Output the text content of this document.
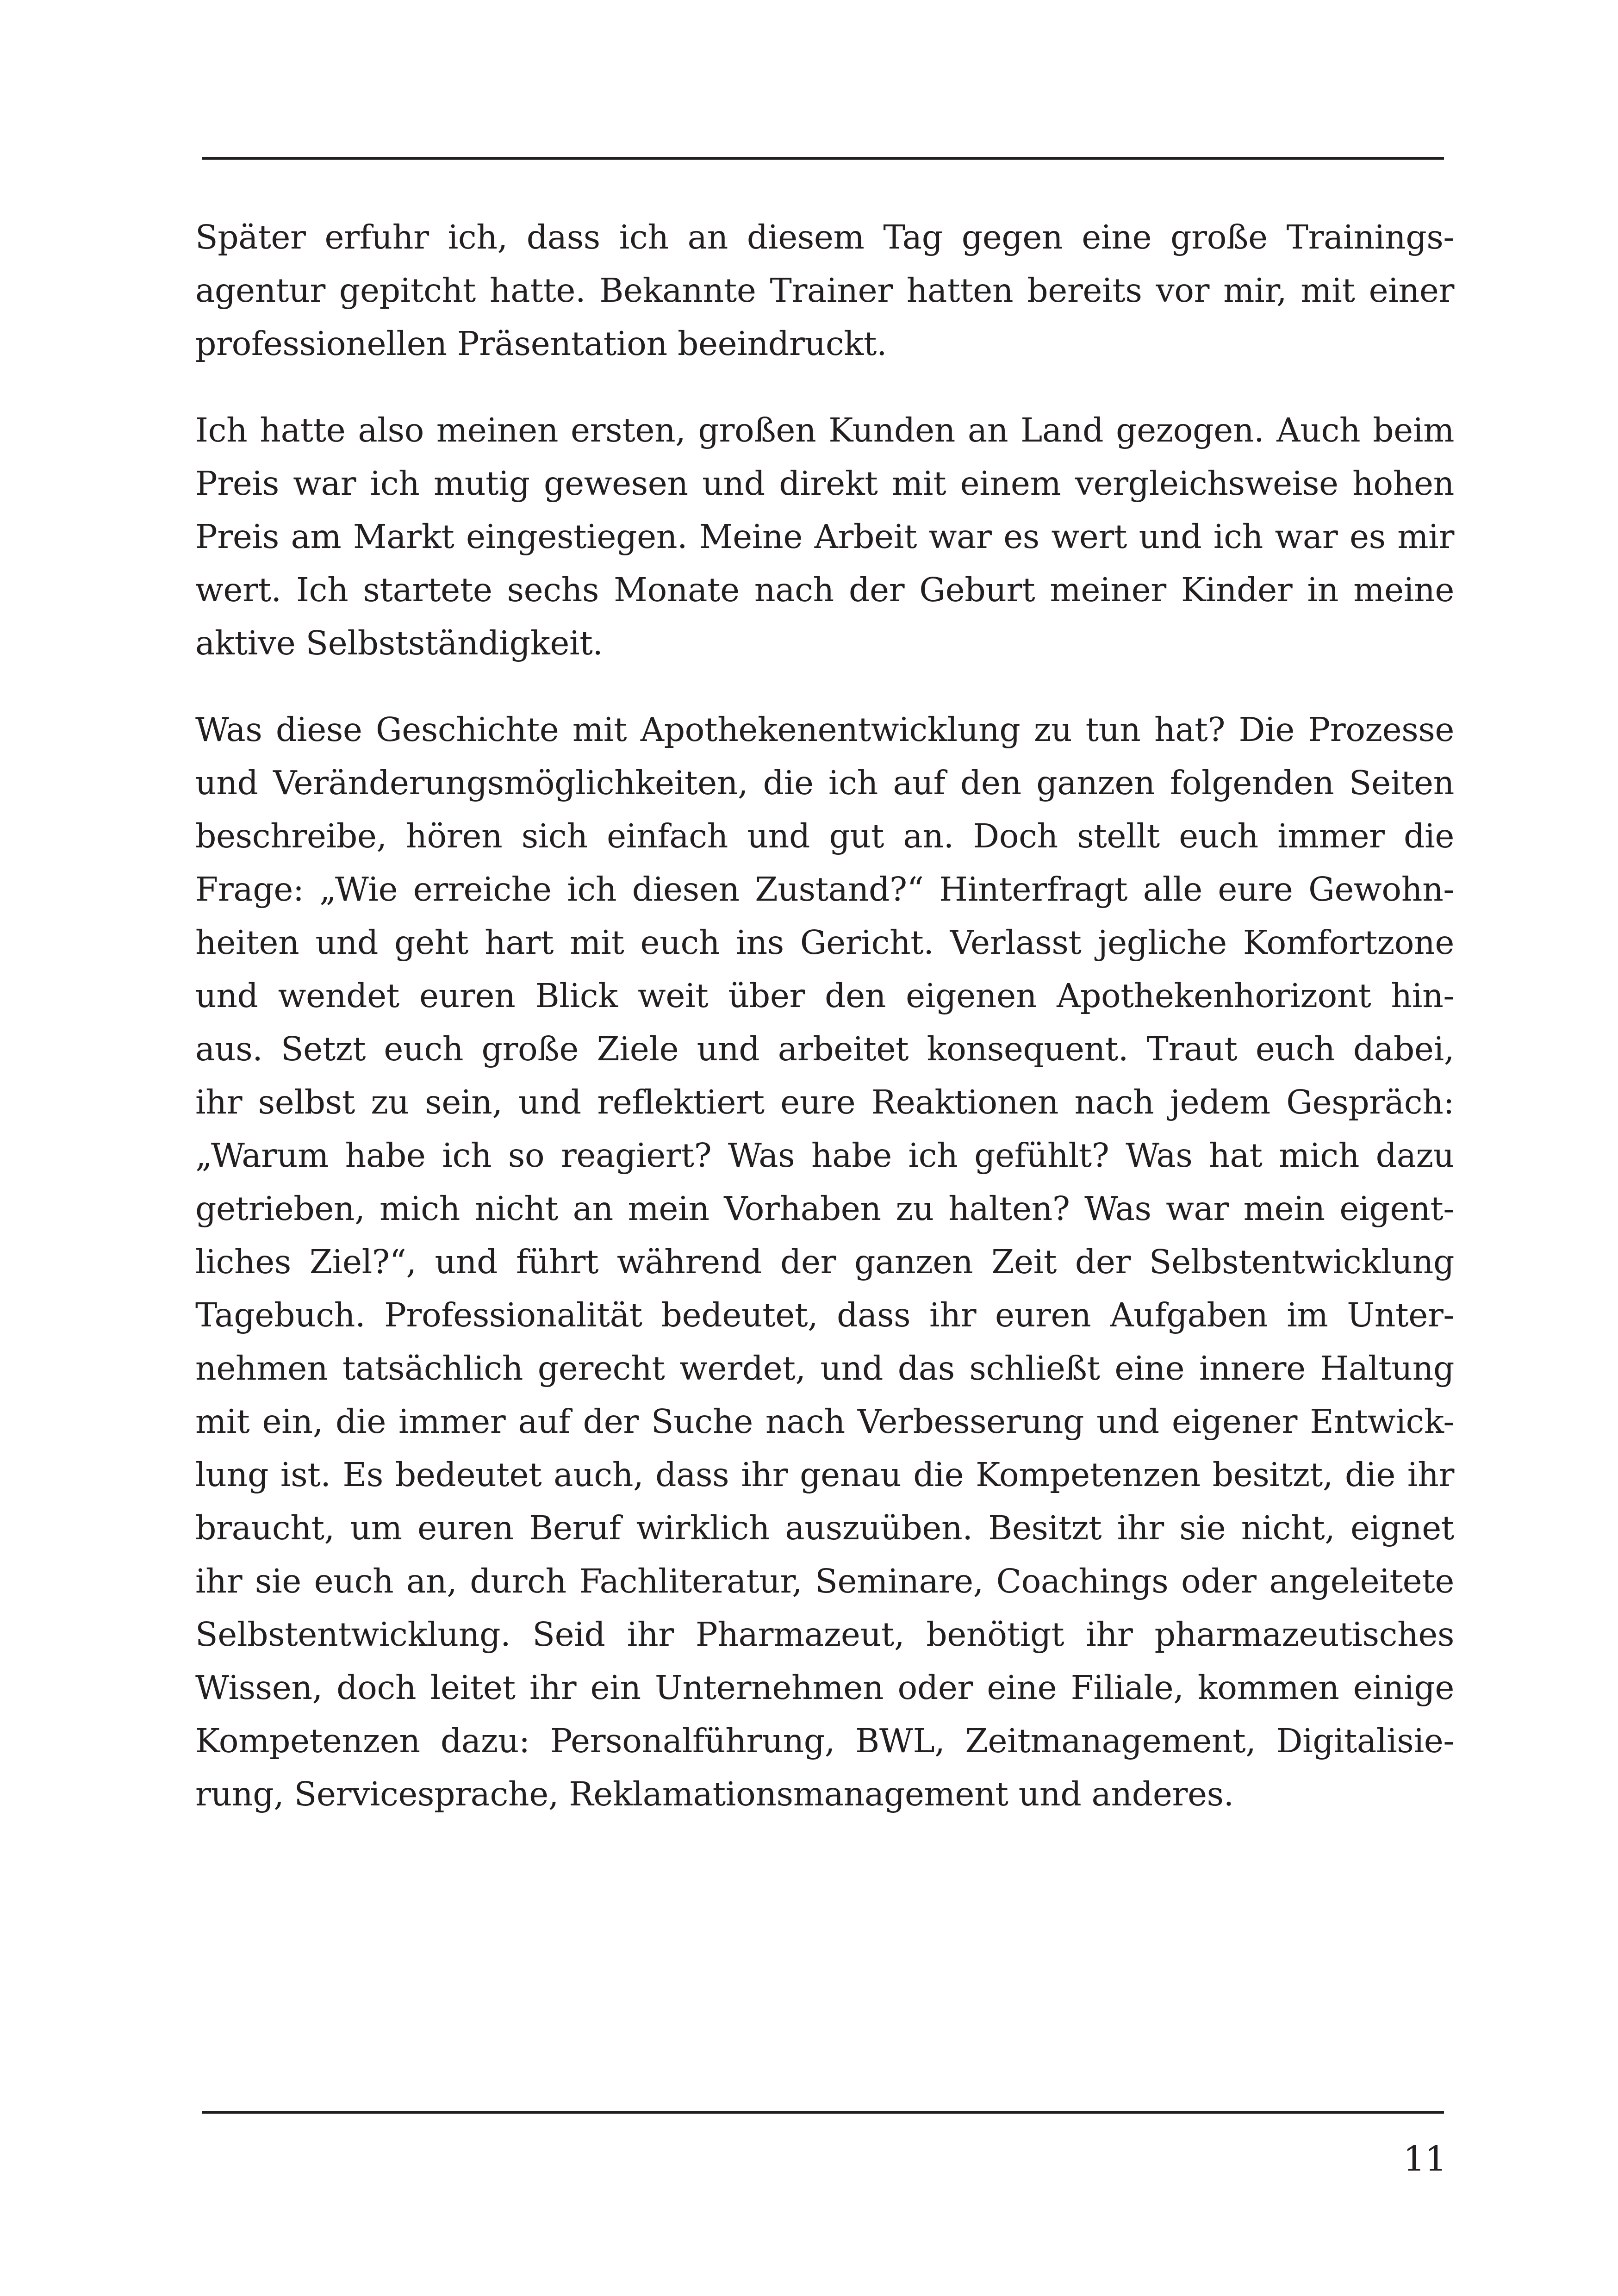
Später erfuhr ich, dass ich an diesem Tag gegen eine große Trainings-
agentur gepitcht hatte. Bekannte Trainer hatten bereits vor mir, mit einer
professionellen Präsentation beeindruckt.
Ich hatte also meinen ersten, großen Kunden an Land gezogen. Auch beim
Preis war ich mutig gewesen und direkt mit einem vergleichsweise hohen
Preis am Markt eingestiegen. Meine Arbeit war es wert und ich war es mir
wert. Ich startete sechs Monate nach der Geburt meiner Kinder in meine
aktive Selbstständigkeit.
Was diese Geschichte mit Apothekenentwicklung zu tun hat? Die Prozesse
und Veränderungsmöglichkeiten, die ich auf den ganzen folgenden Seiten
beschreibe, hören sich einfach und gut an. Doch stellt euch immer die
Frage: „Wie erreiche ich diesen Zustand?“ Hinterfragt alle eure Gewohn-
heiten und geht hart mit euch ins Gericht. Verlasst jegliche Komfortzone
und wendet euren Blick weit über den eigenen Apothekenhorizont hin-
aus. Setzt euch große Ziele und arbeitet konsequent. Traut euch dabei,
ihr selbst zu sein, und reflektiert eure Reaktionen nach jedem Gespräch:
„Warum habe ich so reagiert? Was habe ich gefühlt? Was hat mich dazu
getrieben, mich nicht an mein Vorhaben zu halten? Was war mein eigent-
liches Ziel?“, und führt während der ganzen Zeit der Selbstentwicklung
Tagebuch. Professionalität bedeutet, dass ihr euren Aufgaben im Unter-
nehmen tatsächlich gerecht werdet, und das schließt eine innere Haltung
mit ein, die immer auf der Suche nach Verbesserung und eigener Entwick-
lung ist. Es bedeutet auch, dass ihr genau die Kompetenzen besitzt, die ihr
braucht, um euren Beruf wirklich auszuüben. Besitzt ihr sie nicht, eignet
ihr sie euch an, durch Fachliteratur, Seminare, Coachings oder angeleitete
Selbstentwicklung. Seid ihr Pharmazeut, benötigt ihr pharmazeutisches
Wissen, doch leitet ihr ein Unternehmen oder eine Filiale, kommen einige
Kompetenzen dazu: Personalführung, BWL, Zeitmanagement, Digitalisie-
rung, Servicesprache, Reklamationsmanagement und anderes.
11
